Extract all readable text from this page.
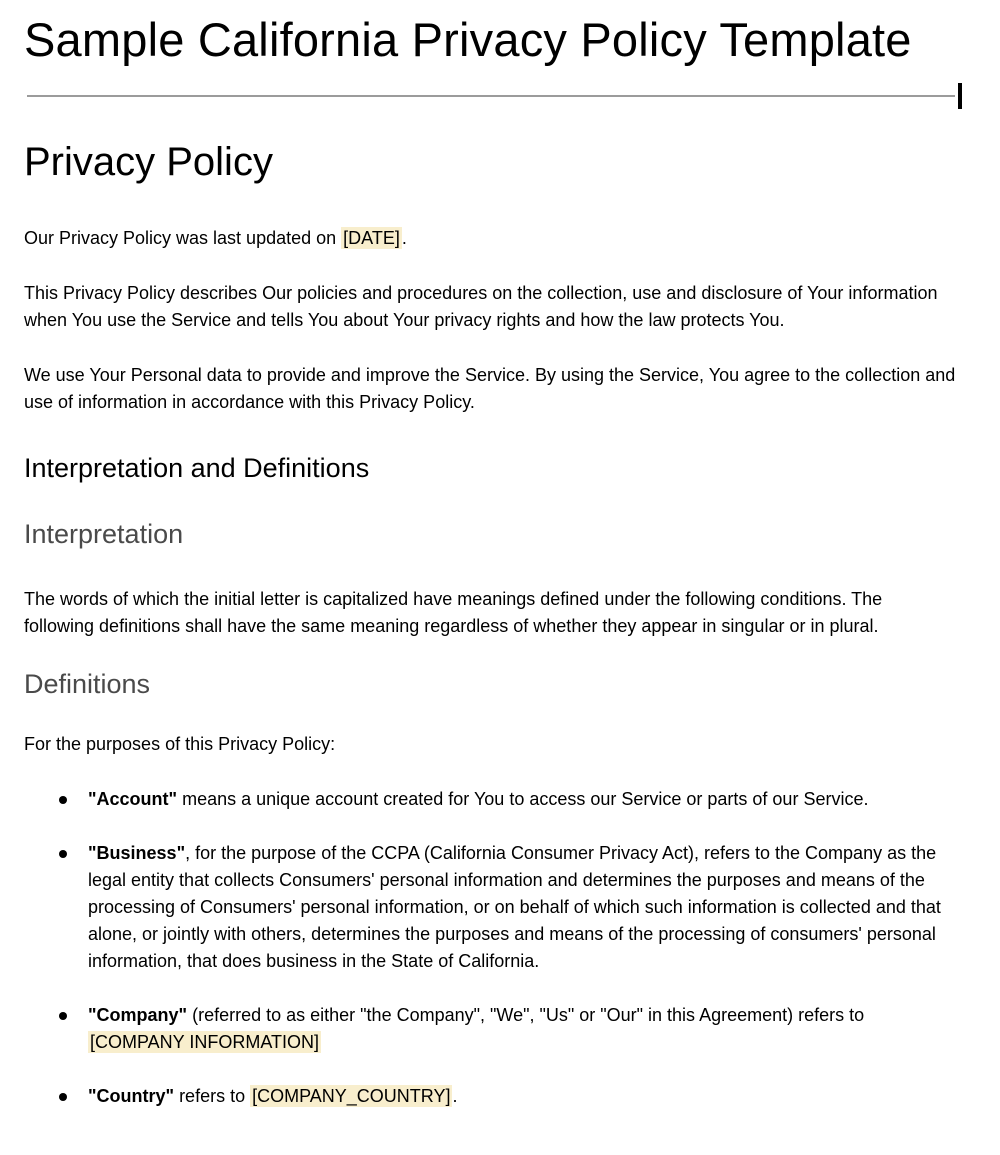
Sample California Privacy Policy Template
Privacy Policy

Our Privacy Policy was last updated on [DATE] .

This Privacy Policy describes Our policies and procedures on the collection, use and disclosure of Your information when You use the Service and tells You about Your privacy rights and how the law protects You.

We use Your Personal data to provide and improve the Service. By using the Service, You agree to the collection and use of information in accordance with this Privacy Policy.

Interpretation and Definitions
Interpretation

The words of which the initial letter is capitalized have meanings defined under the following conditions. The following definitions shall have the same meaning regardless of whether they appear in singular or in plural.

Definitions

For the purposes of this Privacy Policy:

"Account" means a unique account created for You to access our Service or parts of our Service.
"Business", for the purpose of the CCPA (California Consumer Privacy Act), refers to the Company as the legal entity that collects Consumers' personal information and determines the purposes and means of the processing of Consumers' personal information, or on behalf of which such information is collected and that alone, or jointly with others, determines the purposes and means of the processing of consumers' personal information, that does business in the State of California.
"Company" (referred to as either "the Company", "We", "Us" or "Our" in this Agreement) refers to [COMPANY INFORMATION]
"Country" refers to [COMPANY_COUNTRY] .
